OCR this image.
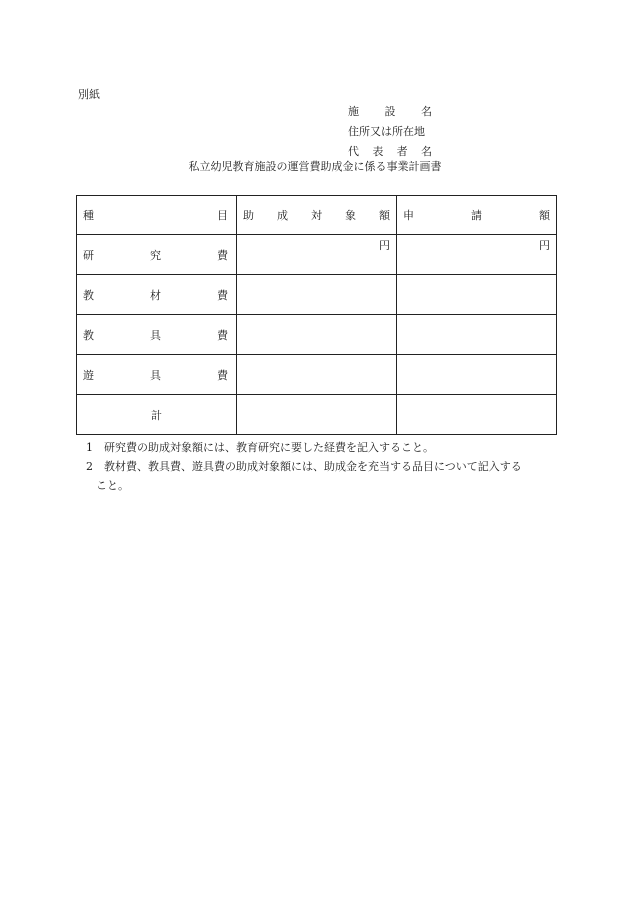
別紙
施 設 名
住所又は所在地
代 表 者 名
私立幼児教育施設の運営費助成金に係る事業計画書
種 目	助 成 対 象 額	申 請 額

研 究 費	円	円

教 材 費		

教 具 費		

遊 具 費		

計		
1	研究費の助成対象額には、教育研究に要した経費を記入すること。
2	教材費、教具費、遊具費の助成対象額には、助成金を充当する品目について記入する
こと。
